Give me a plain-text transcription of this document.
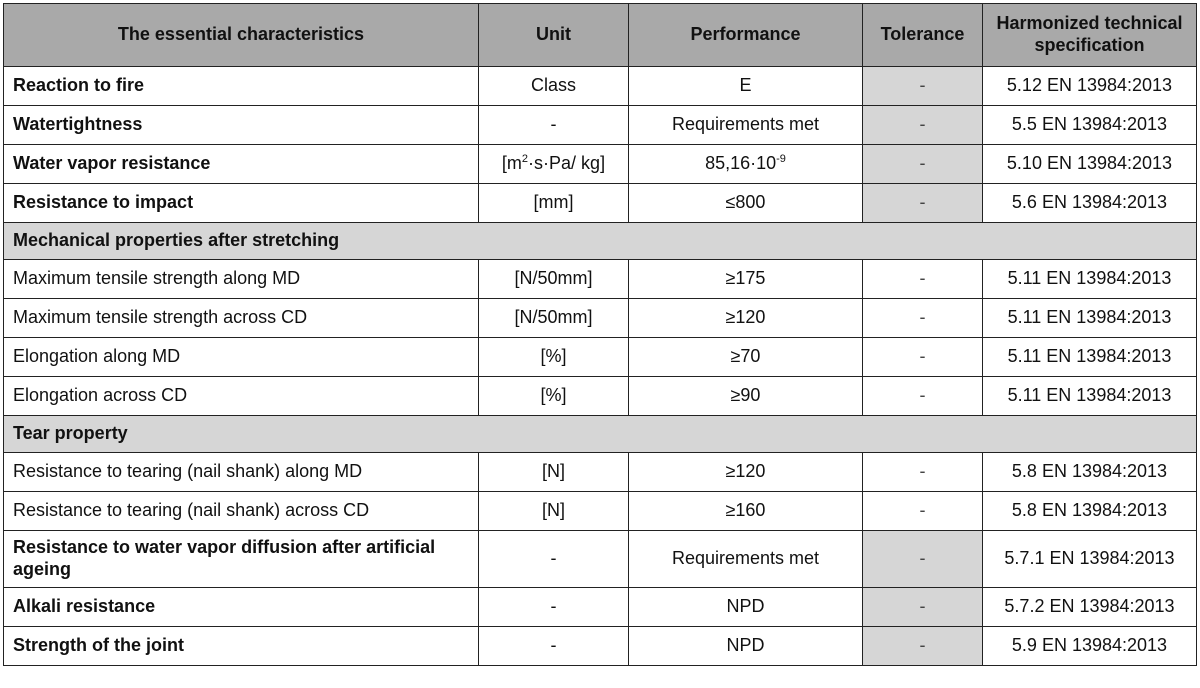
The essential characteristics	Unit	Performance	Tolerance	Harmonized technical specification
Reaction to fire	Class	E	-	5.12 EN 13984:2013
Watertightness	-	Requirements met	-	5.5 EN 13984:2013
Water vapor resistance	[$m^2\cdot s\cdot Pa/$ kg]	$85,16\cdot 10^{-9}$	-	5.10 EN 13984:2013
Resistance to impact	[mm]	≤800	-	5.6 EN 13984:2013
Mechanical properties after stretching				
Maximum tensile strength along MD	[N/50mm]	≥175	-	5.11 EN 13984:2013
Maximum tensile strength across CD	[N/50mm]	≥120	-	5.11 EN 13984:2013
Elongation along MD	[%]	≥70	-	5.11 EN 13984:2013
Elongation across CD	[%]	≥90	-	5.11 EN 13984:2013
Tear property				
Resistance to tearing (nail shank) along MD	[N]	≥120	-	5.8 EN 13984:2013
Resistance to tearing (nail shank) across CD	[N]	≥160	-	5.8 EN 13984:2013
Resistance to water vapor diffusion after artificial ageing	-	Requirements met	-	5.7.1 EN 13984:2013
Alkali resistance	-	NPD	-	5.7.2 EN 13984:2013
Strength of the joint	-	NPD	-	5.9 EN 13984:2013
